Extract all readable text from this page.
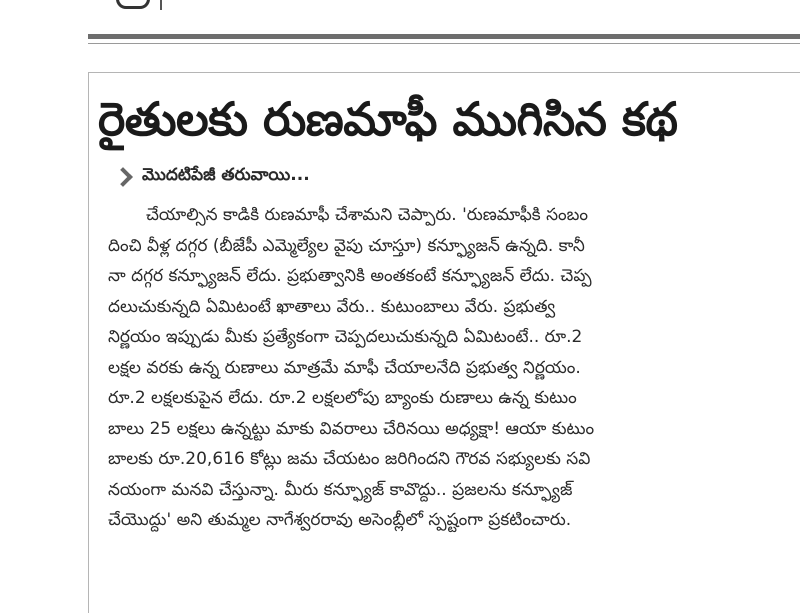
రైతులకు రుణమాఫీ ముగిసిన కథ
మొదటిపేజీ తరువాయి...
చేయాల్సిన కాడికి రుణమాఫీ చేశామని చెప్పారు. 'రుణమాఫీకి సంబం
దించి వీళ్ల దగ్గర (బీజేపీ ఎమ్మెల్యేల వైపు చూస్తూ) కన్ఫ్యూజన్ ఉన్నది. కానీ
నా దగ్గర కన్ఫ్యూజన్ లేదు. ప్రభుత్వానికి అంతకంటే కన్ఫ్యూజన్ లేదు. చెప్ప
దలుచుకున్నది ఏమిటంటే ఖాతాలు వేరు.. కుటుంబాలు వేరు. ప్రభుత్వ
నిర్ణయం ఇప్పుడు మీకు ప్రత్యేకంగా చెప్పదలుచుకున్నది ఏమిటంటే.. రూ.2
లక్షల వరకు ఉన్న రుణాలు మాత్రమే మాఫీ చేయాలనేది ప్రభుత్వ నిర్ణయం.
రూ.2 లక్షలకుపైన లేదు. రూ.2 లక్షలలోపు బ్యాంకు రుణాలు ఉన్న కుటుం
బాలు 25 లక్షలు ఉన్నట్టు మాకు వివరాలు చేరినయి అధ్యక్షా! ఆయా కుటుం
బాలకు రూ.20,616 కోట్లు జమ చేయటం జరిగిందని గౌరవ సభ్యులకు సవి
నయంగా మనవి చేస్తున్నా. మీరు కన్ఫ్యూజ్ కావొద్దు.. ప్రజలను కన్ఫ్యూజ్
చేయొద్దు' అని తుమ్మల నాగేశ్వరరావు అసెంబ్లీలో స్పష్టంగా ప్రకటించారు.
